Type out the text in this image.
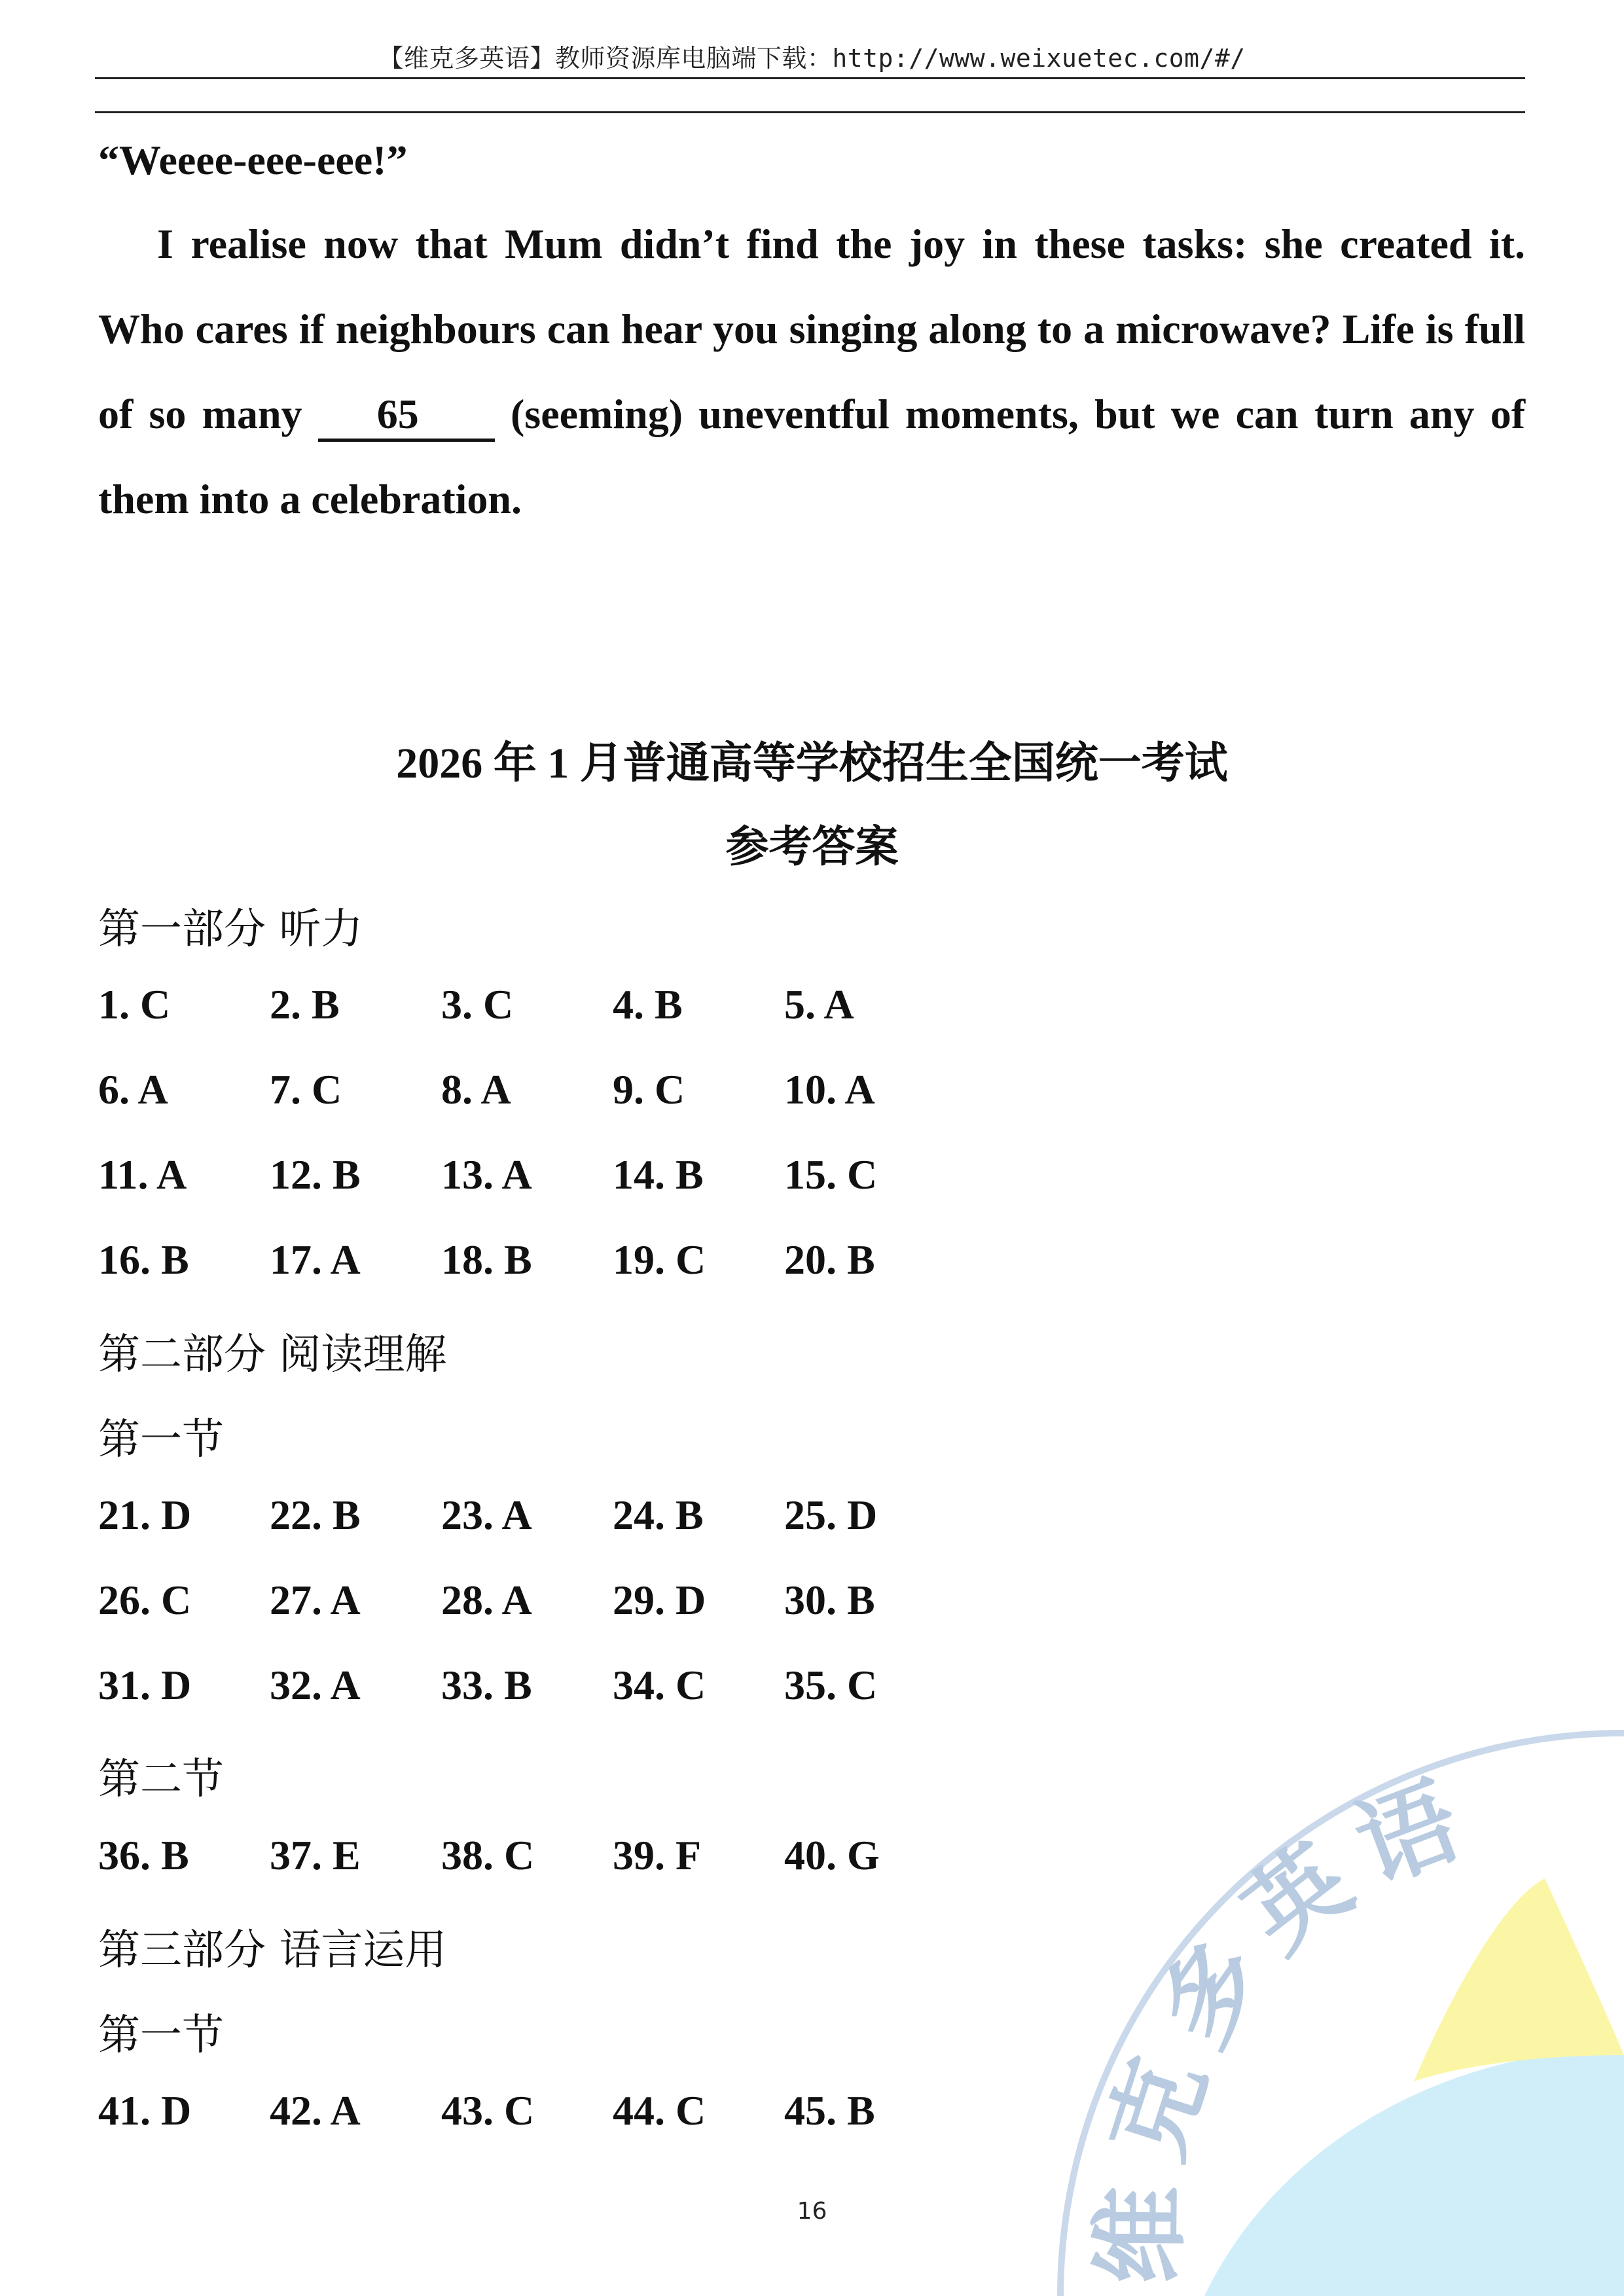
【维克多英语】教师资源库电脑端下载：http://www.weixuetec.com/#/
“Weeee-eee-eee!”
I realise now that Mum didn’t find the joy in these tasks: she created it. Who cares if neighbours can hear you singing along to a microwave? Life is full of so many 65 (seeming) uneventful moments, but we can turn any of them into a celebration.
2026 年 1 月普通高等学校招生全国统一考试
参考答案
第一部分 听力
1. C 2. B 3. C 4. B 5. A
6. A 7. C 8. A 9. C 10. A
11. A 12. B 13. A 14. B 15. C
16. B 17. A 18. B 19. C 20. B
第二部分 阅读理解
第一节
21. D 22. B 23. A 24. B 25. D
26. C 27. A 28. A 29. D 30. B
31. D 32. A 33. B 34. C 35. C
第二节
36. B 37. E 38. C 39. F 40. G
第三部分 语言运用
第一节
41. D 42. A 43. C 44. C 45. B
维克多英语
16
